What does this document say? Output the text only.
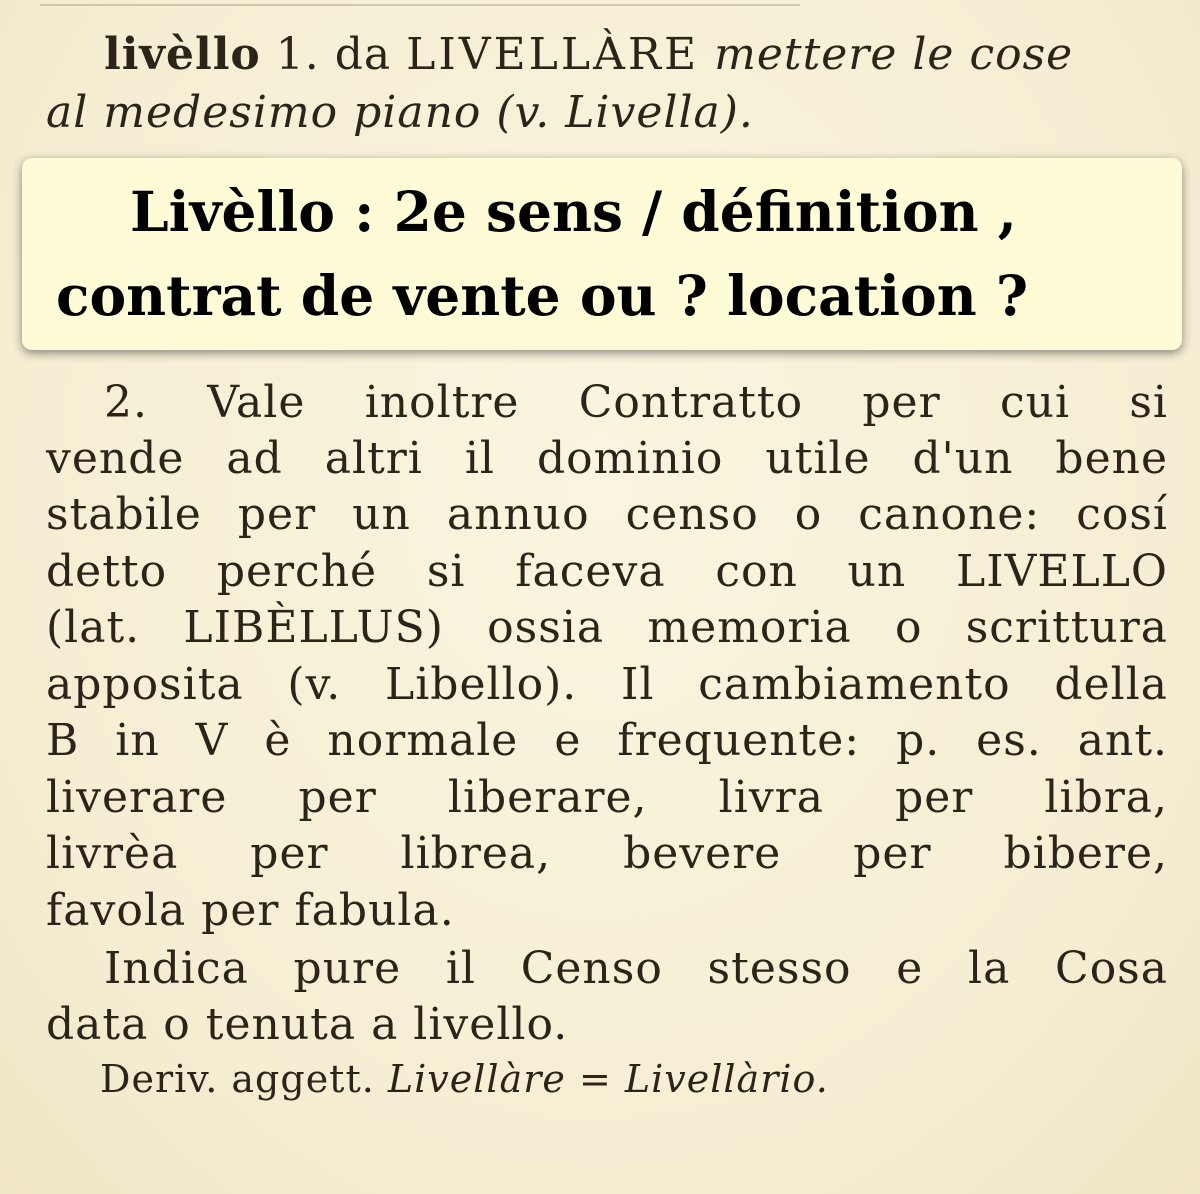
livèllo 1. da LIVELLÀRE mettere le cose
al medesimo piano (v. Livella).
2. Vale inoltre Contratto per cui si
vende ad altri il dominio utile d'un bene
stabile per un annuo censo o canone: cosí
detto perché si faceva con un LIVELLO
(lat. LIBÈLLUS) ossia memoria o scrittura
apposita (v. Libello). Il cambiamento della
B in V è normale e frequente: p. es. ant.
liverare per liberare, livra per libra,
livrèa per librea, bevere per bibere,
favola per fabula.
Indica pure il Censo stesso e la Cosa
data o tenuta a livello.
Deriv. aggett. Livellàre = Livellàrio.
Livèllo : 2e sens / définition ,
contrat de vente ou ? location ?
